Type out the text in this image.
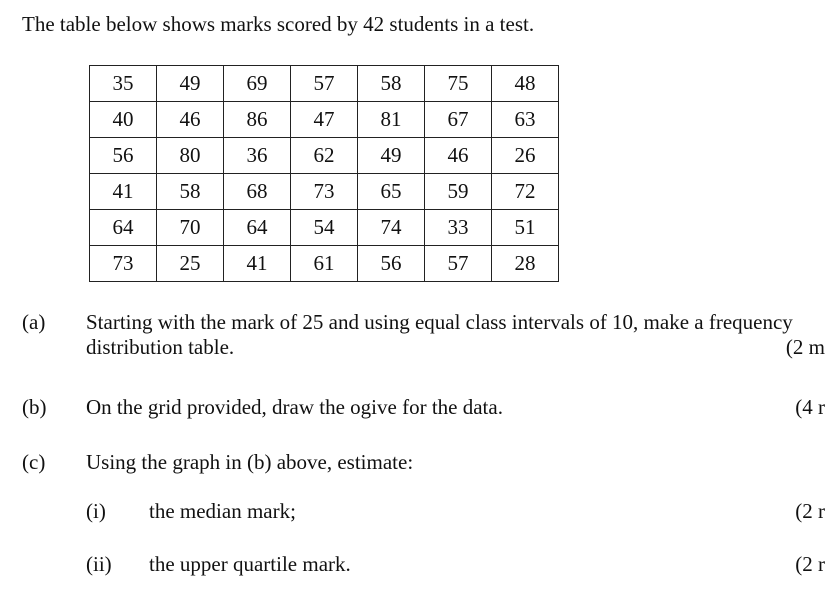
The table below shows marks scored by 42 students in a test.
35	49	69	57	58	75	48
40	46	86	47	81	67	63
56	80	36	62	49	46	26
41	58	68	73	65	59	72
64	70	64	54	74	33	51
73	25	41	61	56	57	28
(a) Starting with the mark of 25 and using equal class intervals of 10, make a frequency
distribution table.	(2 m
(b) On the grid provided, draw the ogive for the data.	(4 r
(c) Using the graph in (b) above, estimate:
(i) the median mark;	(2 r
(ii) the upper quartile mark.	(2 r
